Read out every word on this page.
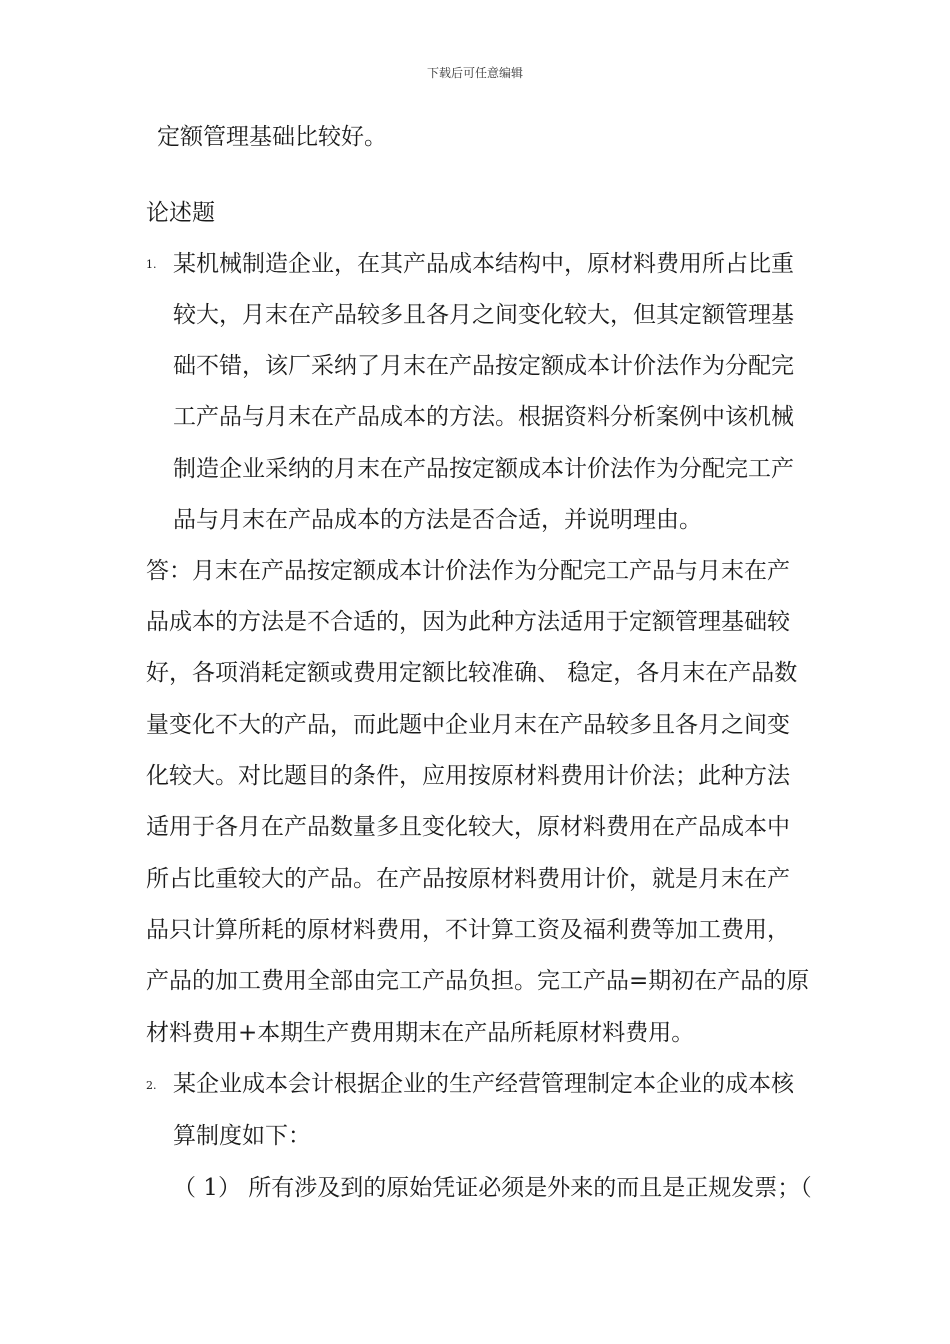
下载后可任意编辑
定额管理基础比较好。
论述题
1. 某机械制造企业，在其产品成本结构中，原材料费用所占比重
较大，月末在产品较多且各月之间变化较大，但其定额管理基
础不错，该厂采纳了月末在产品按定额成本计价法作为分配完
工产品与月末在产品成本的方法。根据资料分析案例中该机械
制造企业采纳的月末在产品按定额成本计价法作为分配完工产
品与月末在产品成本的方法是否合适，并说明理由。
答：月末在产品按定额成本计价法作为分配完工产品与月末在产
品成本的方法是不合适的，因为此种方法适用于定额管理基础较
好，各项消耗定额或费用定额比较准确、 稳定，各月末在产品数
量变化不大的产品，而此题中企业月末在产品较多且各月之间变
化较大。对比题目的条件，应用按原材料费用计价法；此种方法
适用于各月在产品数量多且变化较大，原材料费用在产品成本中
所占比重较大的产品。在产品按原材料费用计价，就是月末在产
品只计算所耗的原材料费用，不计算工资及福利费等加工费用，
产品的加工费用全部由完工产品负担。完工产品=期初在产品的原
材料费用+本期生产费用期末在产品所耗原材料费用。
2. 某企业成本会计根据企业的生产经营管理制定本企业的成本核
算制度如下：
（ 1） 所有涉及到的原始凭证必须是外来的而且是正规发票；（
